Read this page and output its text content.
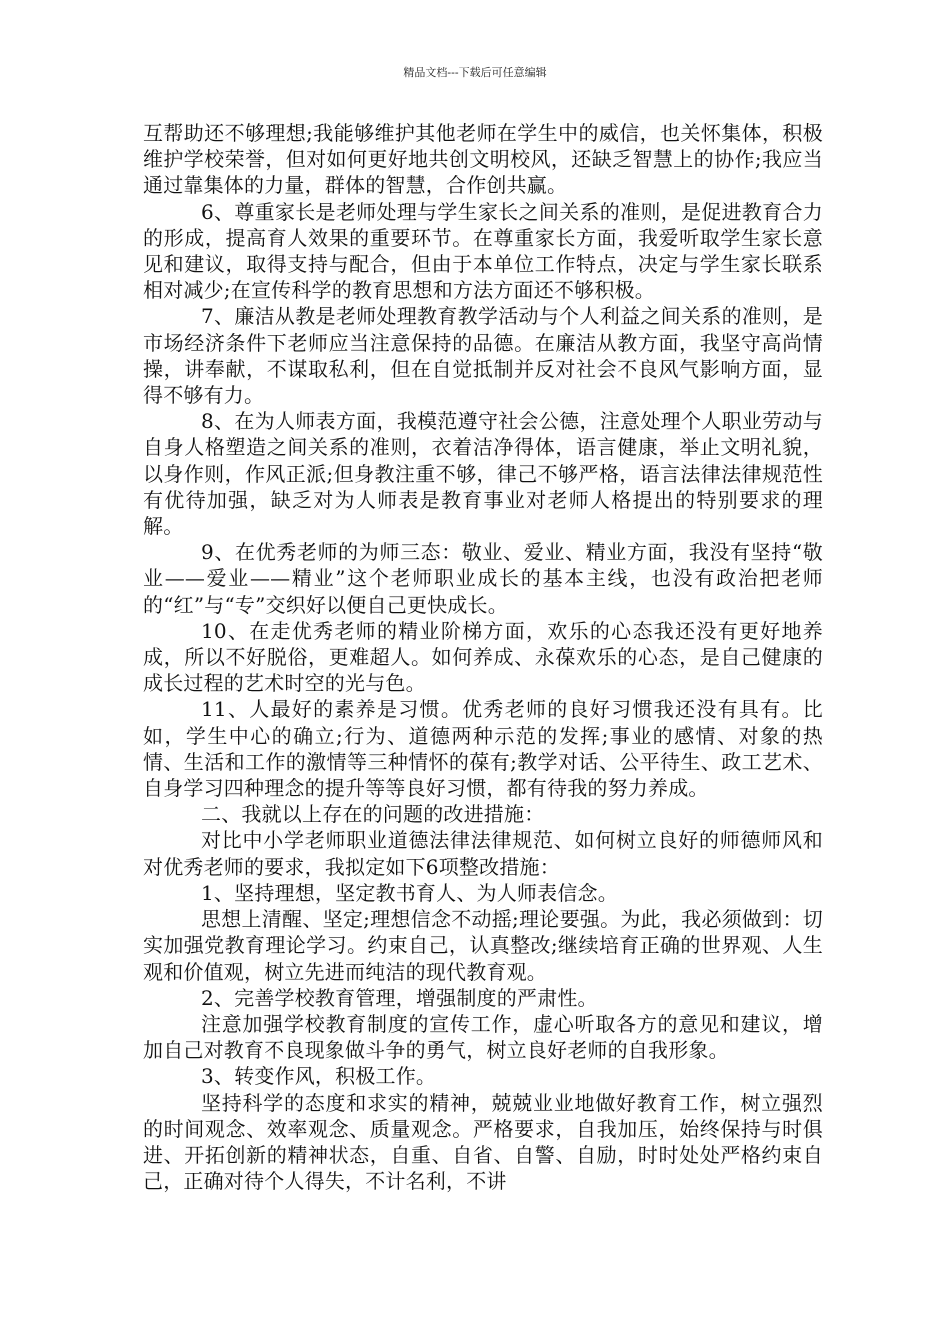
精品文档---下载后可任意编辑

互帮助还不够理想;我能够维护其他老师在学生中的威信，也关怀集体，积极维护学校荣誉，但对如何更好地共创文明校风，还缺乏智慧上的协作;我应当通过靠集体的力量，群体的智慧，合作创共赢。

6、尊重家长是老师处理与学生家长之间关系的准则，是促进教育合力的形成，提高育人效果的重要环节。在尊重家长方面，我爱听取学生家长意见和建议，取得支持与配合，但由于本单位工作特点，决定与学生家长联系相对减少;在宣传科学的教育思想和方法方面还不够积极。

7、廉洁从教是老师处理教育教学活动与个人利益之间关系的准则，是市场经济条件下老师应当注意保持的品德。在廉洁从教方面，我坚守高尚情操，讲奉献，不谋取私利，但在自觉抵制并反对社会不良风气影响方面，显得不够有力。

8、在为人师表方面，我模范遵守社会公德，注意处理个人职业劳动与自身人格塑造之间关系的准则，衣着洁净得体，语言健康，举止文明礼貌，以身作则，作风正派;但身教注重不够，律己不够严格，语言法律法律规范性有优待加强，缺乏对为人师表是教育事业对老师人格提出的特别要求的理解。

9、在优秀老师的为师三态：敬业、爱业、精业方面，我没有坚持“敬业——爱业——精业”这个老师职业成长的基本主线，也没有政治把老师的“红”与“专”交织好以便自己更快成长。

10、在走优秀老师的精业阶梯方面，欢乐的心态我还没有更好地养成，所以不好脱俗，更难超人。如何养成、永葆欢乐的心态，是自己健康的成长过程的艺术时空的光与色。

11、人最好的素养是习惯。优秀老师的良好习惯我还没有具有。比如，学生中心的确立;行为、道德两种示范的发挥;事业的感情、对象的热情、生活和工作的激情等三种情怀的葆有;教学对话、公平待生、政工艺术、自身学习四种理念的提升等等良好习惯，都有待我的努力养成。

二、我就以上存在的问题的改进措施：

对比中小学老师职业道德法律法律规范、如何树立良好的师德师风和对优秀老师的要求，我拟定如下6项整改措施：

1、坚持理想，坚定教书育人、为人师表信念。

思想上清醒、坚定;理想信念不动摇;理论要强。为此，我必须做到：切实加强党教育理论学习。约束自己，认真整改;继续培育正确的世界观、人生观和价值观，树立先进而纯洁的现代教育观。

2、完善学校教育管理，增强制度的严肃性。

注意加强学校教育制度的宣传工作，虚心听取各方的意见和建议，增加自己对教育不良现象做斗争的勇气，树立良好老师的自我形象。

3、转变作风，积极工作。

坚持科学的态度和求实的精神，兢兢业业地做好教育工作，树立强烈的时间观念、效率观念、质量观念。严格要求，自我加压，始终保持与时俱进、开拓创新的精神状态，自重、自省、自警、自励，时时处处严格约束自己，正确对待个人得失，不计名利，不讲
